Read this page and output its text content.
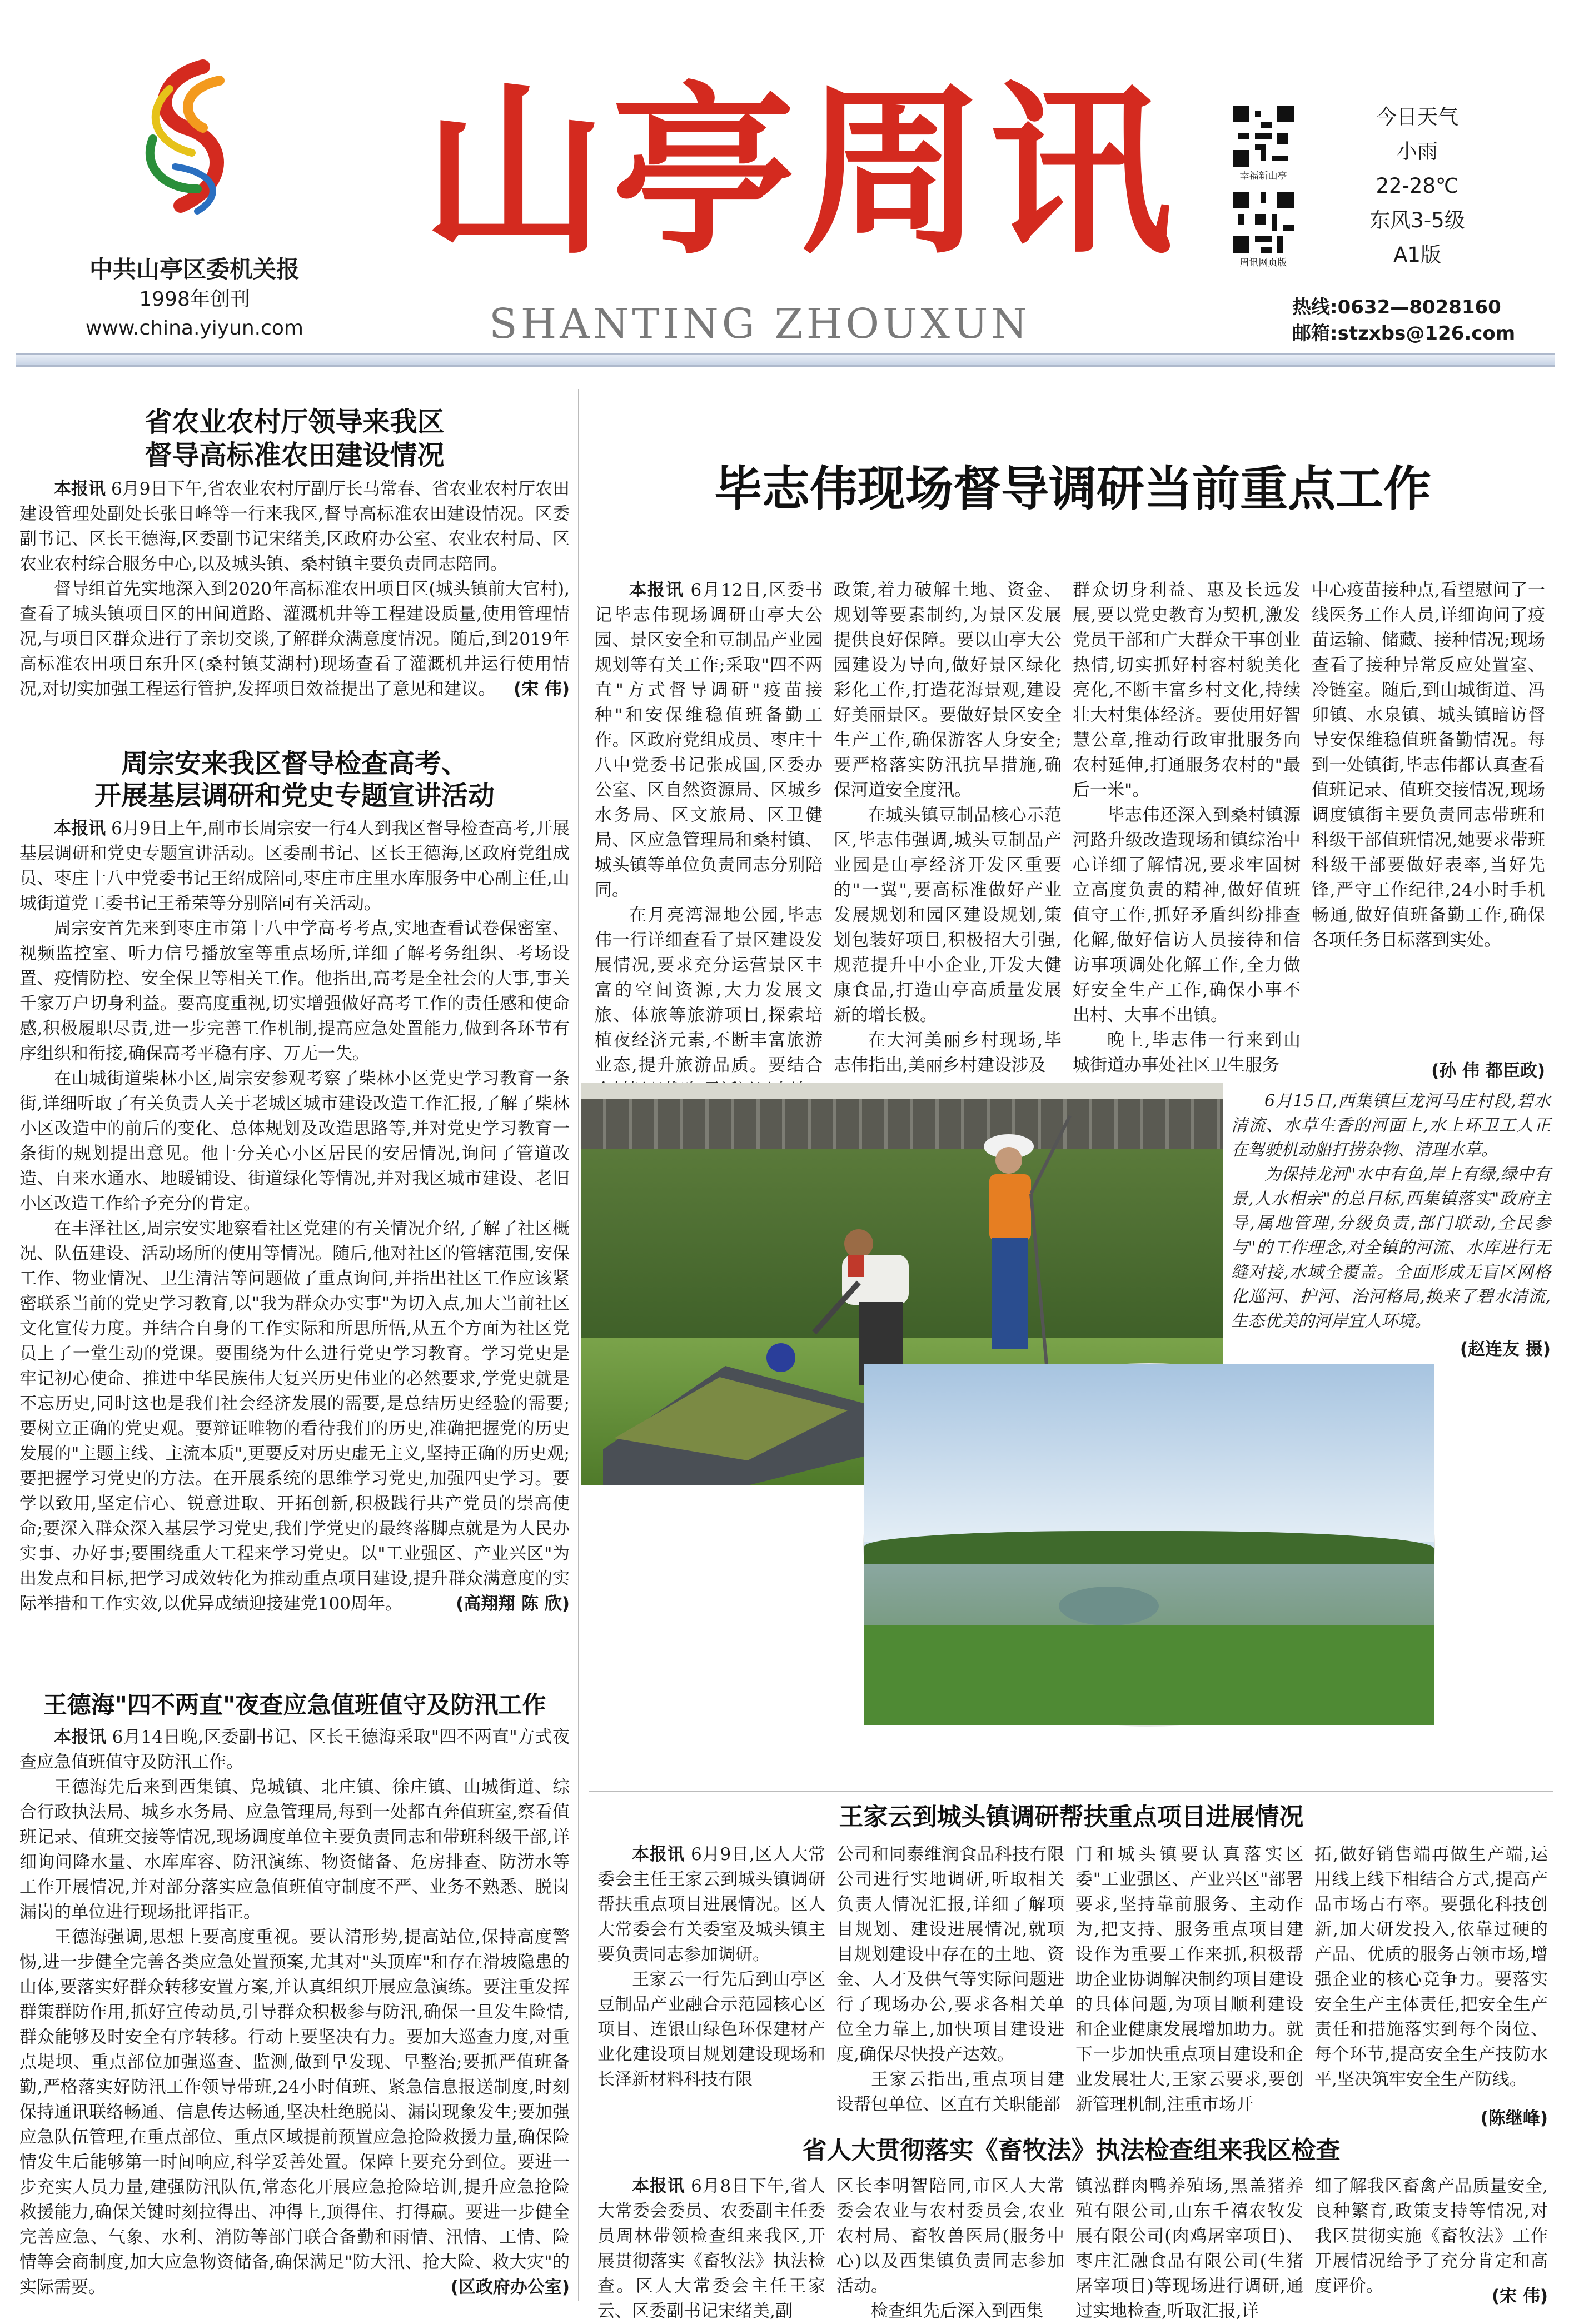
中共山亭区委机关报
1998年创刊
www.china.yiyun.com
山亭周讯
SHANTING ZHOUXUN
幸福新山亭
周讯网页版
今日天气
小雨
22-28℃
东风3-5级
A1版
热线:0632—8028160
邮箱:stzxbs@126.com
省农业农村厅领导来我区
督导高标准农田建设情况

本报讯 6月9日下午,省农业农村厅副厅长马常春、省农业农村厅农田建设管理处副处长张日峰等一行来我区,督导高标准农田建设情况。区委副书记、区长王德海,区委副书记宋绪美,区政府办公室、农业农村局、区农业农村综合服务中心,以及城头镇、桑村镇主要负责同志陪同。

督导组首先实地深入到2020年高标准农田项目区(城头镇前大官村),查看了城头镇项目区的田间道路、灌溉机井等工程建设质量,使用管理情况,与项目区群众进行了亲切交谈,了解群众满意度情况。随后,到2019年高标准农田项目东升区(桑村镇艾湖村)现场查看了灌溉机井运行使用情况,对切实加强工程运行管护,发挥项目效益提出了意见和建议。	(宋 伟)
周宗安来我区督导检查高考、
开展基层调研和党史专题宣讲活动

本报讯 6月9日上午,副市长周宗安一行4人到我区督导检查高考,开展基层调研和党史专题宣讲活动。区委副书记、区长王德海,区政府党组成员、枣庄十八中党委书记王绍成陪同,枣庄市庄里水库服务中心副主任,山城街道党工委书记王希荣等分别陪同有关活动。

周宗安首先来到枣庄市第十八中学高考考点,实地查看试卷保密室、视频监控室、听力信号播放室等重点场所,详细了解考务组织、考场设置、疫情防控、安全保卫等相关工作。他指出,高考是全社会的大事,事关千家万户切身利益。要高度重视,切实增强做好高考工作的责任感和使命感,积极履职尽责,进一步完善工作机制,提高应急处置能力,做到各环节有序组织和衔接,确保高考平稳有序、万无一失。

在山城街道柴林小区,周宗安参观考察了柴林小区党史学习教育一条街,详细听取了有关负责人关于老城区城市建设改造工作汇报,了解了柴林小区改造中的前后的变化、总体规划及改造思路等,并对党史学习教育一条街的规划提出意见。他十分关心小区居民的安居情况,询问了管道改造、自来水通水、地暖铺设、街道绿化等情况,并对我区城市建设、老旧小区改造工作给予充分的肯定。

在丰泽社区,周宗安实地察看社区党建的有关情况介绍,了解了社区概况、队伍建设、活动场所的使用等情况。随后,他对社区的管辖范围,安保工作、物业情况、卫生清洁等问题做了重点询问,并指出社区工作应该紧密联系当前的党史学习教育,以"我为群众办实事"为切入点,加大当前社区文化宣传力度。并结合自身的工作实际和所思所悟,从五个方面为社区党员上了一堂生动的党课。要围绕为什么进行党史学习教育。学习党史是牢记初心使命、推进中华民族伟大复兴历史伟业的必然要求,学党史就是不忘历史,同时这也是我们社会经济发展的需要,是总结历史经验的需要;要树立正确的党史观。要辩证唯物的看待我们的历史,准确把握党的历史发展的"主题主线、主流本质",更要反对历史虚无主义,坚持正确的历史观;要把握学习党史的方法。在开展系统的思维学习党史,加强四史学习。要学以致用,坚定信心、锐意进取、开拓创新,积极践行共产党员的崇高使命;要深入群众深入基层学习党史,我们学党史的最终落脚点就是为人民办实事、办好事;要围绕重大工程来学习党史。以"工业强区、产业兴区"为出发点和目标,把学习成效转化为推动重点项目建设,提升群众满意度的实际举措和工作实效,以优异成绩迎接建党100周年。	(高翔翔 陈 欣)
王德海"四不两直"夜查应急值班值守及防汛工作

本报讯 6月14日晚,区委副书记、区长王德海采取"四不两直"方式夜查应急值班值守及防汛工作。

王德海先后来到西集镇、凫城镇、北庄镇、徐庄镇、山城街道、综合行政执法局、城乡水务局、应急管理局,每到一处都直奔值班室,察看值班记录、值班交接等情况,现场调度单位主要负责同志和带班科级干部,详细询问降水量、水库库容、防汛演练、物资储备、危房排查、防涝水等工作开展情况,并对部分落实应急值班值守制度不严、业务不熟悉、脱岗漏岗的单位进行现场批评指正。

王德海强调,思想上要高度重视。要认清形势,提高站位,保持高度警惕,进一步健全完善各类应急处置预案,尤其对"头顶库"和存在滑坡隐患的山体,要落实好群众转移安置方案,并认真组织开展应急演练。要注重发挥群策群防作用,抓好宣传动员,引导群众积极参与防汛,确保一旦发生险情,群众能够及时安全有序转移。行动上要坚决有力。要加大巡查力度,对重点堤坝、重点部位加强巡查、监测,做到早发现、早整治;要抓严值班备勤,严格落实好防汛工作领导带班,24小时值班、紧急信息报送制度,时刻保持通讯联络畅通、信息传达畅通,坚决杜绝脱岗、漏岗现象发生;要加强应急队伍管理,在重点部位、重点区域提前预置应急抢险救援力量,确保险情发生后能够第一时间响应,科学妥善处置。保障上要充分到位。要进一步充实人员力量,建强防汛队伍,常态化开展应急抢险培训,提升应急抢险救援能力,确保关键时刻拉得出、冲得上,顶得住、打得赢。要进一步健全完善应急、气象、水利、消防等部门联合备勤和雨情、汛情、工情、险情等会商制度,加大应急物资储备,确保满足"防大汛、抢大险、救大灾"的实际需要。	(区政府办公室)
毕志伟现场督导调研当前重点工作

本报讯 6月12日,区委书记毕志伟现场调研山亭大公园、景区安全和豆制品产业园规划等有关工作;采取"四不两直"方式督导调研"疫苗接种"和安保维稳值班备勤工作。区政府党组成员、枣庄十八中党委书记张成国,区委办公室、区自然资源局、区城乡水务局、区文旅局、区卫健局、区应急管理局和桑村镇、城头镇等单位负责同志分别陪同。

在月亮湾湿地公园,毕志伟一行详细查看了景区建设发展情况,要求充分运营景区丰富的空间资源,大力发展文旅、体旅等旅游项目,探索培植夜经济元素,不断丰富旅游业态,提升旅游品质。要结合

政策,着力破解土地、资金、规划等要素制约,为景区发展提供良好保障。要以山亭大公园建设为导向,做好景区绿化彩化工作,打造花海景观,建设好美丽景区。要做好景区安全生产工作,确保游客人身安全;要严格落实防汛抗旱措施,确保河道安全度汛。

在城头镇豆制品核心示范区,毕志伟强调,城头豆制品产业园是山亭经济开发区重要的"一翼",要高标准做好产业发展规划和园区建设规划,策划包装好项目,积极招大引强,规范提升中小企业,开发大健康食品,打造山亭高质量发展新的增长极。

在大河美丽乡村现场,毕志伟指出,美丽乡村建设涉及

群众切身利益、惠及长远发展,要以党史教育为契机,激发党员干部和广大群众干事创业热情,切实抓好村容村貌美化亮化,不断丰富乡村文化,持续壮大村集体经济。要使用好智慧公章,推动行政审批服务向农村延伸,打通服务农村的"最后一米"。

毕志伟还深入到桑村镇源河路升级改造现场和镇综治中心详细了解情况,要求牢固树立高度负责的精神,做好值班值守工作,抓好矛盾纠纷排查化解,做好信访人员接待和信访事项调处化解工作,全力做好安全生产工作,确保小事不出村、大事不出镇。

晚上,毕志伟一行来到山城街道办事处社区卫生服务

中心疫苗接种点,看望慰问了一线医务工作人员,详细询问了疫苗运输、储藏、接种情况;现场查看了接种异常反应处置室、冷链室。随后,到山城街道、冯卯镇、水泉镇、城头镇暗访督导安保维稳值班备勤情况。每到一处镇街,毕志伟都认真查看值班记录、值班交接情况,现场调度镇街主要负责同志带班和科级干部值班情况,她要求带班科级干部要做好表率,当好先锋,严守工作纪律,24小时手机畅通,做好值班备勤工作,确保各项任务目标落到实处。

(孙 伟 都臣政)
6月15日,西集镇巨龙河马庄村段,碧水清流、水草生香的河面上,水上环卫工人正在驾驶机动船打捞杂物、清理水草。
为保持龙河"水中有鱼,岸上有绿,绿中有景,人水相亲"的总目标,西集镇落实"政府主导,属地管理,分级负责,部门联动,全民参与"的工作理念,对全镇的河流、水库进行无缝对接,水域全覆盖。全面形成无盲区网格化巡河、护河、治河格局,换来了碧水清流,生态优美的河岸宜人环境。
(赵连友 摄)
王家云到城头镇调研帮扶重点项目进展情况

本报讯 6月9日,区人大常委会主任王家云到城头镇调研帮扶重点项目进展情况。区人大常委会有关委室及城头镇主要负责同志参加调研。

王家云一行先后到山亭区豆制品产业融合示范园核心区项目、连银山绿色环保建材产业化建设项目规划建设现场和长泽新材料科技有限

公司和同泰维润食品科技有限公司进行实地调研,听取相关负责人情况汇报,详细了解项目规划、建设进展情况,就项目规划建设中存在的土地、资金、人才及供气等实际问题进行了现场办公,要求各相关单位全力靠上,加快项目建设进度,确保尽快投产达效。

王家云指出,重点项目建设帮包单位、区直有关职能部

门和城头镇要认真落实区委"工业强区、产业兴区"部署要求,坚持靠前服务、主动作为,把支持、服务重点项目建设作为重要工作来抓,积极帮助企业协调解决制约项目建设的具体问题,为项目顺利建设和企业健康发展增加助力。就下一步加快重点项目建设和企业发展壮大,王家云要求,要创新管理机制,注重市场开

拓,做好销售端再做生产端,运用线上线下相结合方式,提高产品市场占有率。要强化科技创新,加大研发投入,依靠过硬的产品、优质的服务占领市场,增强企业的核心竞争力。要落实安全生产主体责任,把安全生产责任和措施落实到每个岗位、每个环节,提高安全生产技防水平,坚决筑牢安全生产防线。

(陈继峰)
省人大贯彻落实《畜牧法》执法检查组来我区检查

本报讯 6月8日下午,省人大常委会委员、农委副主任委员周林带领检查组来我区,开展贯彻落实《畜牧法》执法检查。区人大常委会主任王家云、区委副书记宋绪美,副

区长李明智陪同,市区人大常委会农业与农村委员会,农业农村局、畜牧兽医局(服务中心)以及西集镇负责同志参加活动。

检查组先后深入到西集

镇泓群肉鸭养殖场,黑盖猪养殖有限公司,山东千禧农牧发展有限公司(肉鸡屠宰项目)、枣庄汇融食品有限公司(生猪屠宰项目)等现场进行调研,通过实地检查,听取汇报,详

细了解我区畜禽产品质量安全,良种繁育,政策支持等情况,对我区贯彻实施《畜牧法》工作开展情况给予了充分肯定和高度评价。	(宋 伟)
